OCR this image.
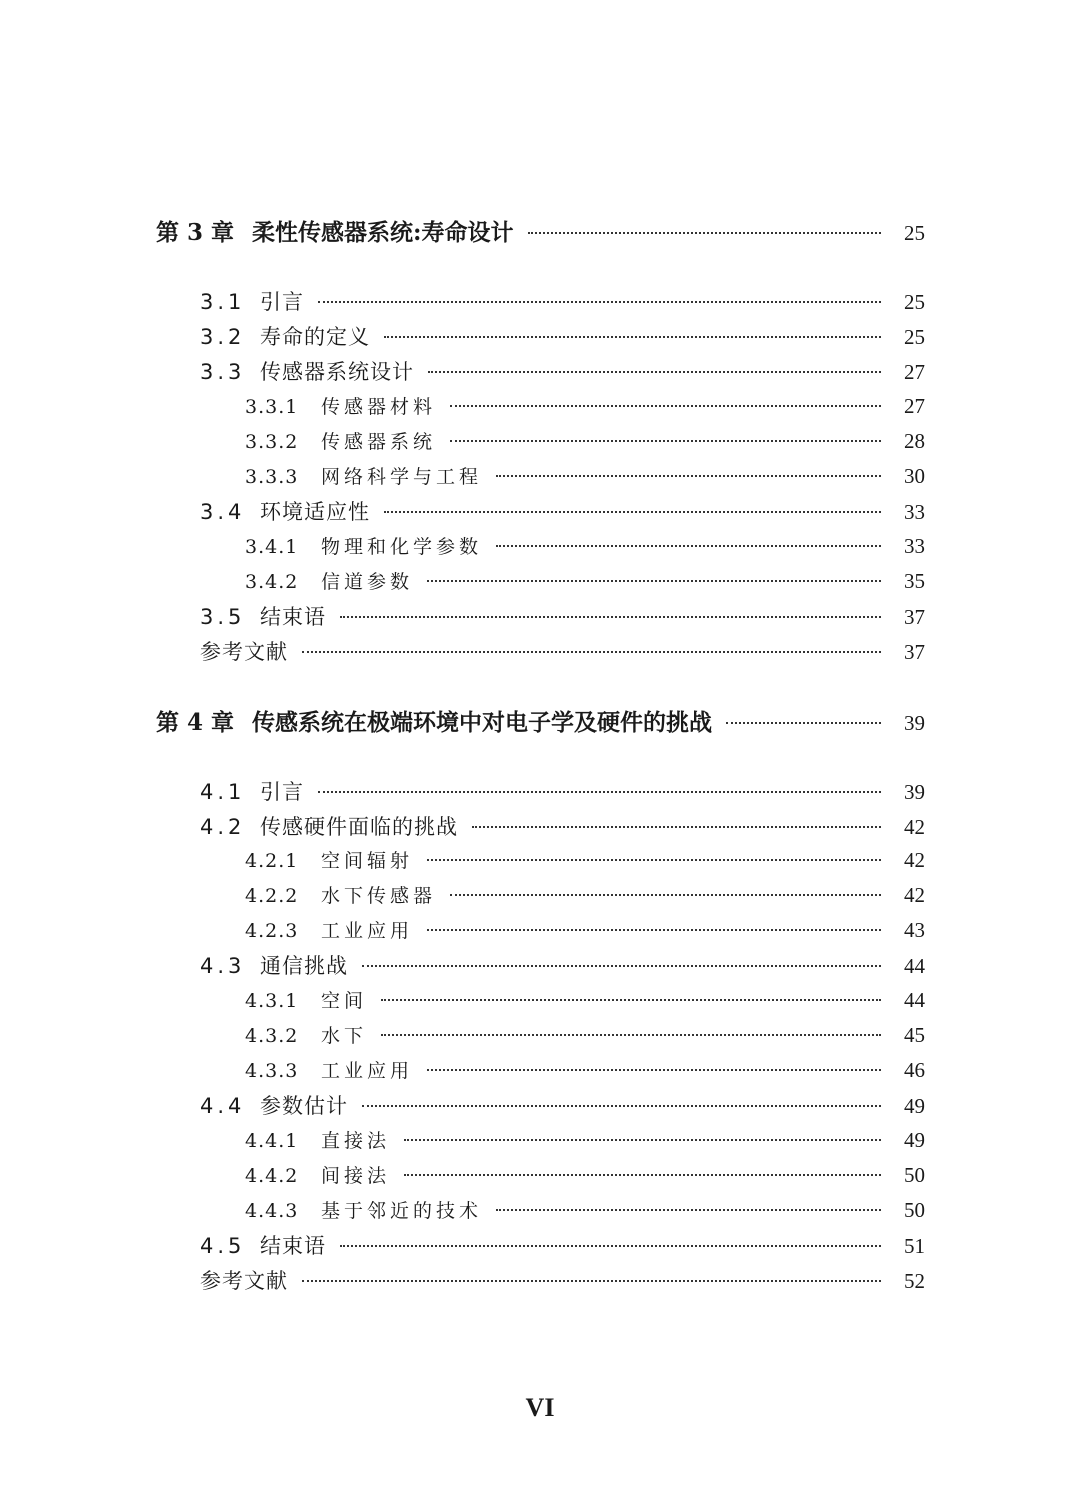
第 3 章 柔性传感器系统:寿命设计	25
3.1 引言	25
3.2 寿命的定义	25
3.3 传感器系统设计	27
3.3.1	传感器材料	27
3.3.2	传感器系统	28
3.3.3	网络科学与工程	30
3.4 环境适应性	33
3.4.1	物理和化学参数	33
3.4.2	信道参数	35
3.5 结束语	37
参考文献	37
第 4 章 传感系统在极端环境中对电子学及硬件的挑战	39
4.1 引言	39
4.2 传感硬件面临的挑战	42
4.2.1	空间辐射	42
4.2.2	水下传感器	42
4.2.3	工业应用	43
4.3 通信挑战	44
4.3.1	空间	44
4.3.2	水下	45
4.3.3	工业应用	46
4.4 参数估计	49
4.4.1	直接法	49
4.4.2	间接法	50
4.4.3	基于邻近的技术	50
4.5 结束语	51
参考文献	52
VI
